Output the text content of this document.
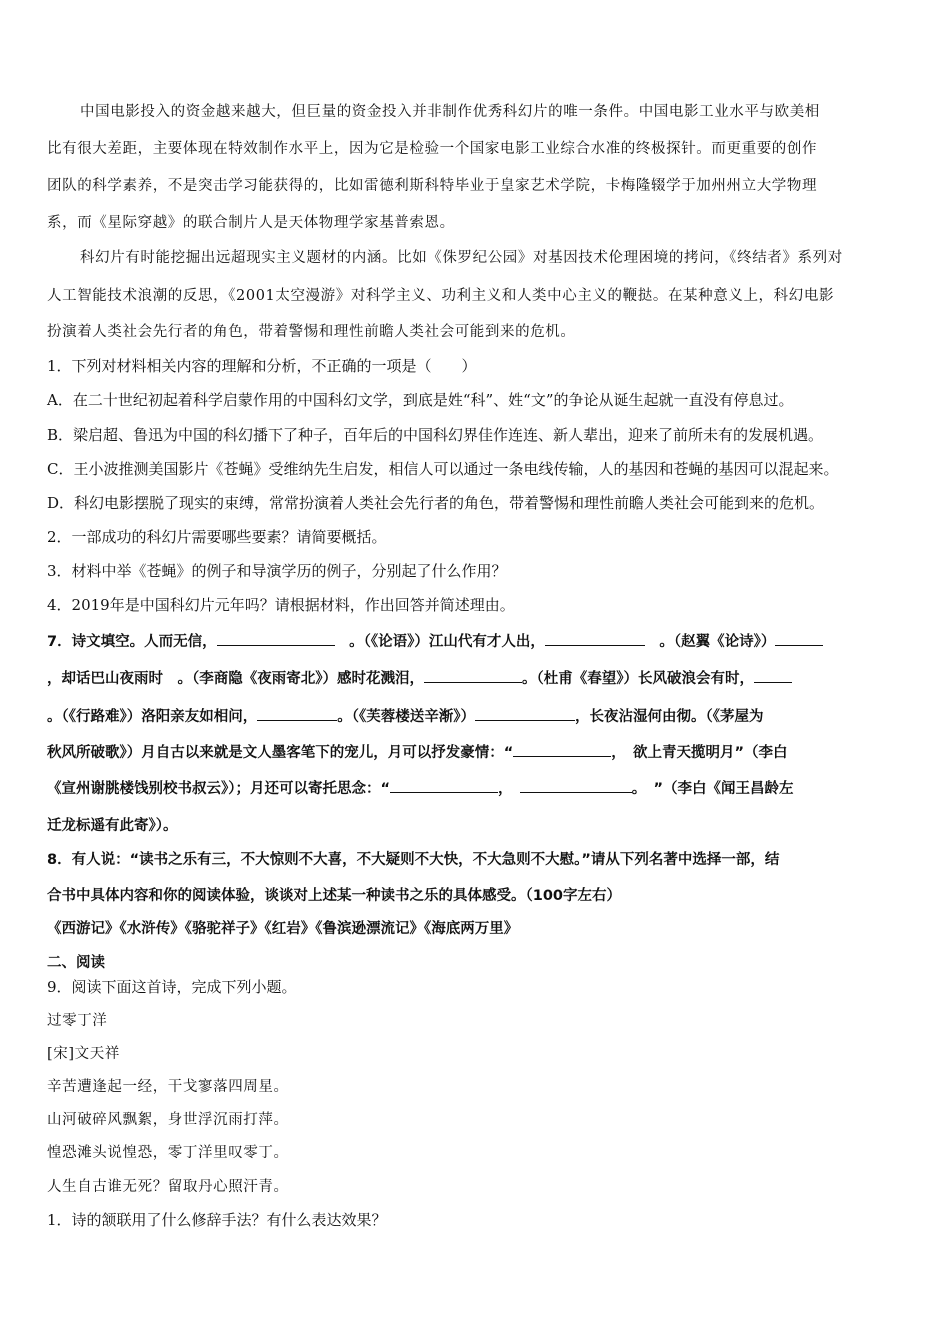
中国电影投入的资金越来越大，但巨量的资金投入并非制作优秀科幻片的唯一条件。中国电影工业水平与欧美相
比有很大差距，主要体现在特效制作水平上，因为它是检验一个国家电影工业综合水准的终极探针。而更重要的创作
团队的科学素养，不是突击学习能获得的，比如雷德利斯科特毕业于皇家艺术学院，卡梅隆辍学于加州州立大学物理
系，而《星际穿越》的联合制片人是天体物理学家基普索恩。
科幻片有时能挖掘出远超现实主义题材的内涵。比如《侏罗纪公园》对基因技术伦理困境的拷问，《终结者》系列对
人工智能技术浪潮的反思，《2001太空漫游》对科学主义、功利主义和人类中心主义的鞭挞。在某种意义上，科幻电影
扮演着人类社会先行者的角色，带着警惕和理性前瞻人类社会可能到来的危机。
1．下列对材料相关内容的理解和分析，不正确的一项是（　　）
A．在二十世纪初起着科学启蒙作用的中国科幻文学，到底是姓“科”、姓“文”的争论从诞生起就一直没有停息过。
B．梁启超、鲁迅为中国的科幻播下了种子，百年后的中国科幻界佳作连连、新人辈出，迎来了前所未有的发展机遇。
C．王小波推测美国影片《苍蝇》受维纳先生启发，相信人可以通过一条电线传输，人的基因和苍蝇的基因可以混起来。
D．科幻电影摆脱了现实的束缚，常常扮演着人类社会先行者的角色，带着警惕和理性前瞻人类社会可能到来的危机。
2．一部成功的科幻片需要哪些要素？请简要概括。
3．材料中举《苍蝇》的例子和导演学历的例子，分别起了什么作用？
4．2019年是中国科幻片元年吗？请根据材料，作出回答并简述理由。
7．诗文填空。人而无信，　	。（《论语》）江山代有才人出，　	。（赵翼《论诗》）
，却话巴山夜雨时　 。（李商隐《夜雨寄北》）感时花溅泪，	。（杜甫《春望》）长风破浪会有时，
。（《行路难》）洛阳亲友如相问，	。（《芙蓉楼送辛渐》）	，长夜沾湿何由彻。（《茅屋为
秋风所破歌》）月自古以来就是文人墨客笔下的宠儿，月可以抒发豪情：“	，　欲上青天揽明月”（李白
《宣州谢朓楼饯别校书叔云》）；月还可以寄托思念：“	，　	。　”（李白《闻王昌龄左
迁龙标遥有此寄》）。
8．有人说：“读书之乐有三，不大惊则不大喜，不大疑则不大快，不大急则不大慰。”请从下列名著中选择一部，结
合书中具体内容和你的阅读体验，谈谈对上述某一种读书之乐的具体感受。（100字左右）
《西游记》《水浒传》《骆驼祥子》《红岩》《鲁滨逊漂流记》《海底两万里》
二、阅读
9．阅读下面这首诗，完成下列小题。
过零丁洋
[宋]文天祥
辛苦遭逢起一经，干戈寥落四周星。
山河破碎风飘絮，身世浮沉雨打萍。
惶恐滩头说惶恐，零丁洋里叹零丁。
人生自古谁无死？留取丹心照汗青。
1．诗的颔联用了什么修辞手法？有什么表达效果？
